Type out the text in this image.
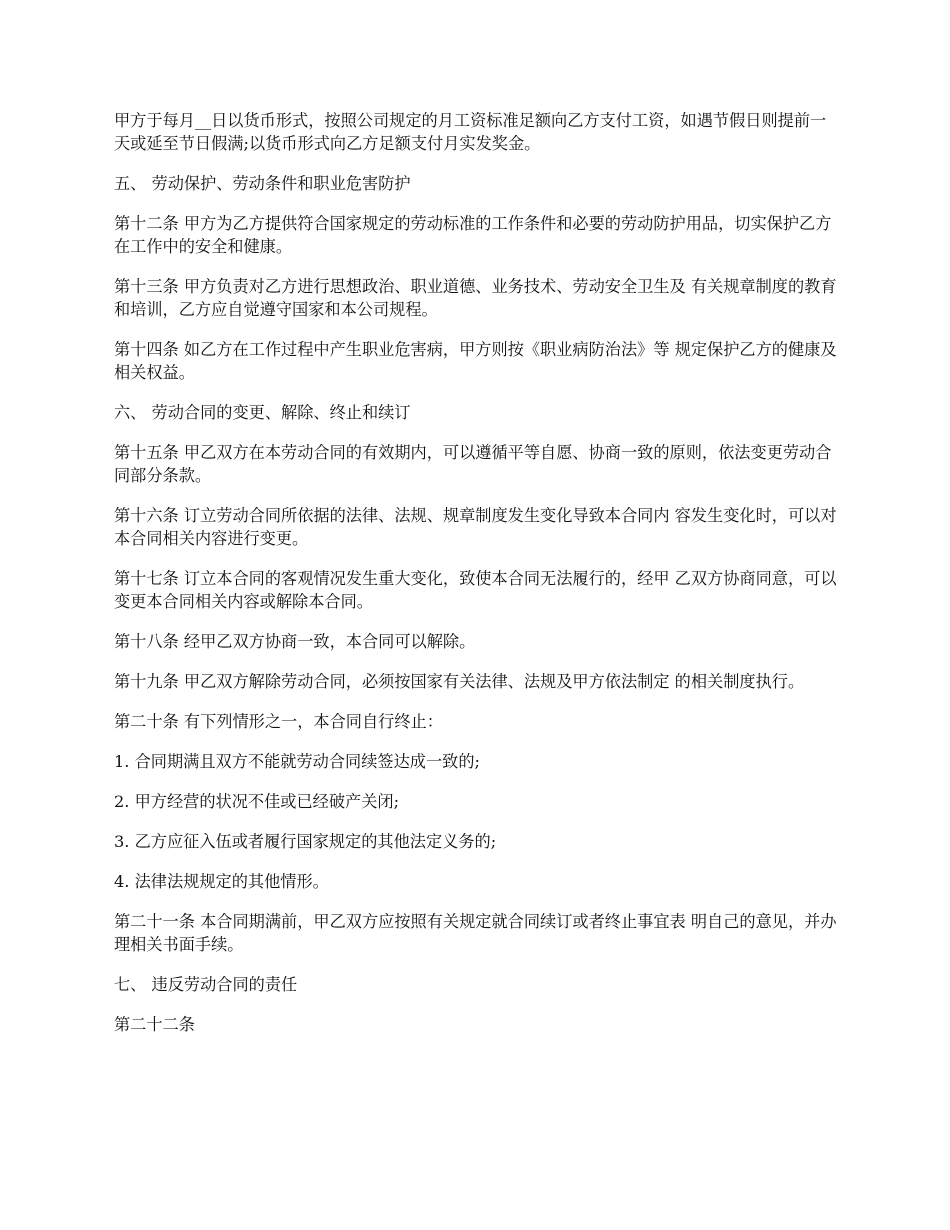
甲方于每月__日以货币形式，按照公司规定的月工资标准足额向乙方支付工资，如遇节假日则提前一天或延至节日假满;以货币形式向乙方足额支付月实发奖金。

五、 劳动保护、劳动条件和职业危害防护

第十二条 甲方为乙方提供符合国家规定的劳动标准的工作条件和必要的劳动防护用品，切实保护乙方在工作中的安全和健康。

第十三条 甲方负责对乙方进行思想政治、职业道德、业务技术、劳动安全卫生及 有关规章制度的教育和培训，乙方应自觉遵守国家和本公司规程。

第十四条 如乙方在工作过程中产生职业危害病，甲方则按《职业病防治法》等 规定保护乙方的健康及相关权益。

六、 劳动合同的变更、解除、终止和续订

第十五条 甲乙双方在本劳动合同的有效期内，可以遵循平等自愿、协商一致的原则，依法变更劳动合同部分条款。

第十六条 订立劳动合同所依据的法律、法规、规章制度发生变化导致本合同内 容发生变化时，可以对本合同相关内容进行变更。

第十七条 订立本合同的客观情况发生重大变化，致使本合同无法履行的，经甲 乙双方协商同意，可以变更本合同相关内容或解除本合同。

第十八条 经甲乙双方协商一致，本合同可以解除。

第十九条 甲乙双方解除劳动合同，必须按国家有关法律、法规及甲方依法制定 的相关制度执行。

第二十条 有下列情形之一，本合同自行终止：

1. 合同期满且双方不能就劳动合同续签达成一致的;

2. 甲方经营的状况不佳或已经破产关闭;

3. 乙方应征入伍或者履行国家规定的其他法定义务的;

4. 法律法规规定的其他情形。

第二十一条 本合同期满前，甲乙双方应按照有关规定就合同续订或者终止事宜表 明自己的意见，并办理相关书面手续。

七、 违反劳动合同的责任

第二十二条
